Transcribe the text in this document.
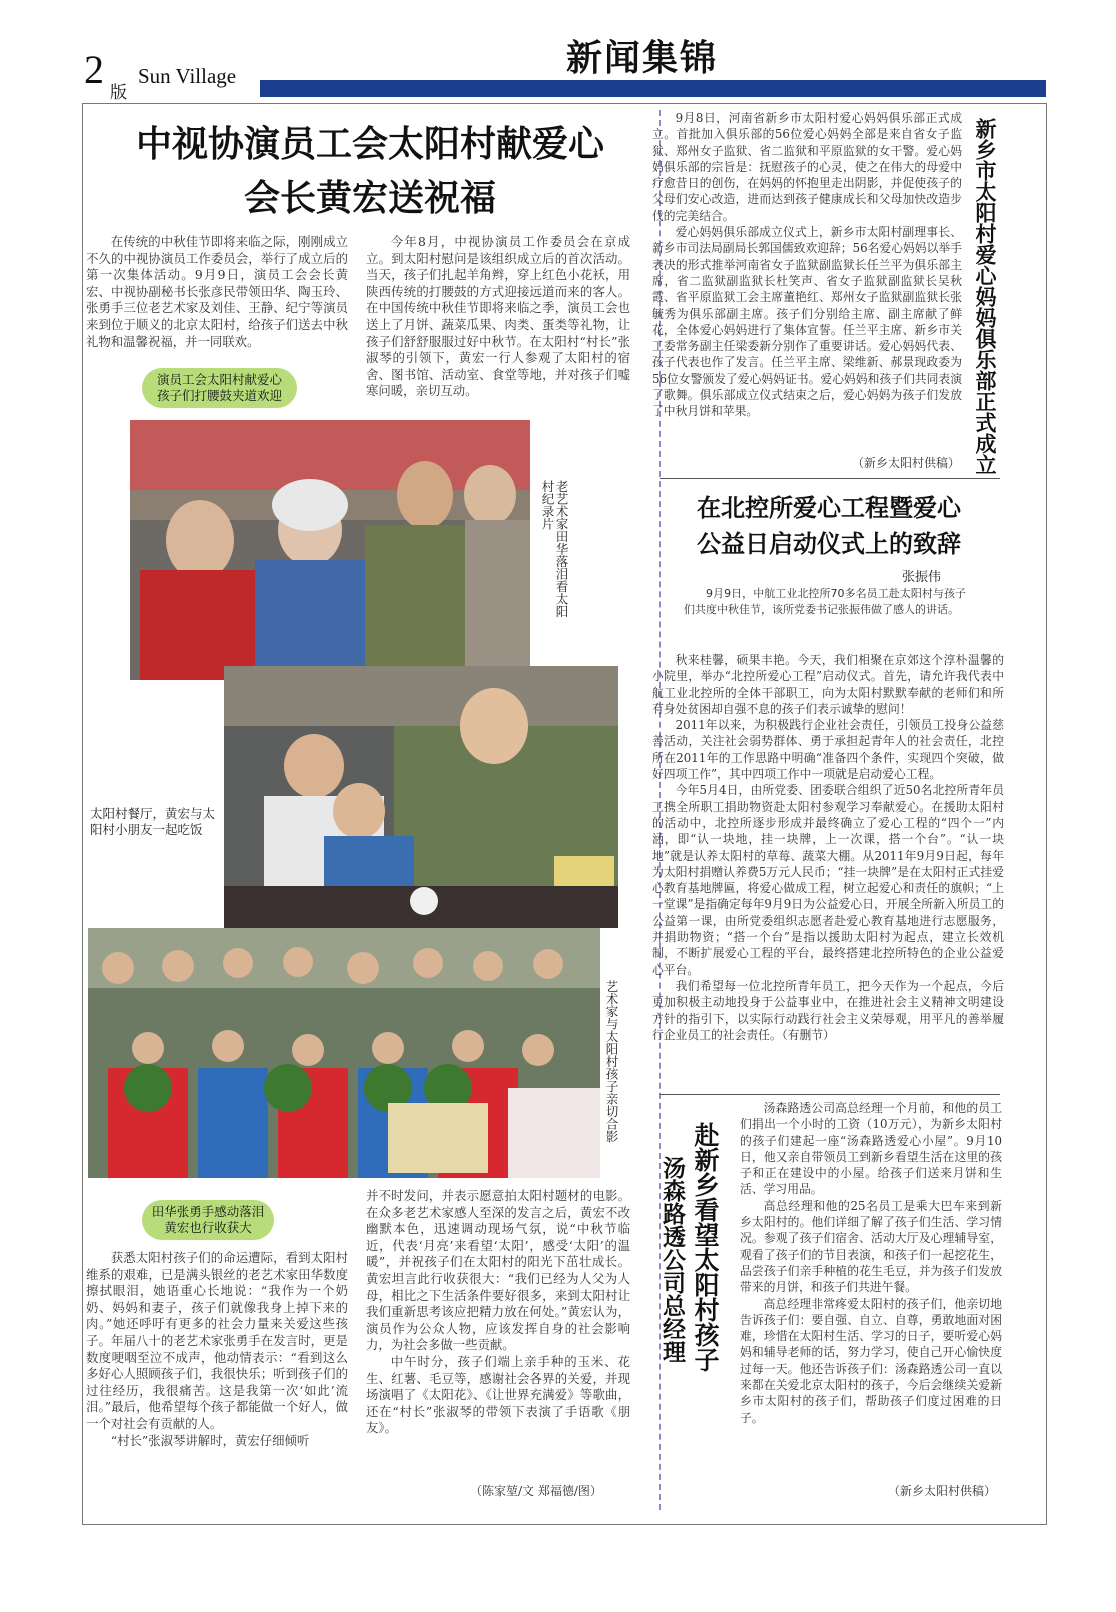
2
版
Sun Village	新闻集锦
中视协演员工会太阳村献爱心
会长黄宏送祝福

在传统的中秋佳节即将来临之际，刚刚成立不久的中视协演员工作委员会，举行了成立后的第一次集体活动。9月9日，演员工会会长黄宏、中视协副秘书长张彦民带领田华、陶玉玲、张勇手三位老艺术家及刘佳、王静、纪宁等演员来到位于顺义的北京太阳村，给孩子们送去中秋礼物和温馨祝福，并一同联欢。

今年8月，中视协演员工作委员会在京成立。到太阳村慰问是该组织成立后的首次活动。当天，孩子们扎起羊角辫，穿上红色小花袄，用陕西传统的打腰鼓的方式迎接远道而来的客人。在中国传统中秋佳节即将来临之季，演员工会也送上了月饼、蔬菜瓜果、肉类、蛋类等礼物，让孩子们舒舒服服过好中秋节。在太阳村“村长”张淑琴的引领下，黄宏一行人参观了太阳村的宿舍、图书馆、活动室、食堂等地，并对孩子们嘘寒问暖，亲切互动。

演员工会太阳村献爱心
孩子们打腰鼓夹道欢迎
老艺术家田华落泪看太阳村纪录片
太阳村餐厅，黄宏与太阳村小朋友一起吃饭
艺术家与太阳村孩子亲切合影
田华张勇手感动落泪
黄宏也行收获大

获悉太阳村孩子们的命运遭际，看到太阳村维系的艰难，已是满头银丝的老艺术家田华数度擦拭眼泪，她语重心长地说：“我作为一个奶奶、妈妈和妻子，孩子们就像我身上掉下来的肉。”她还呼吁有更多的社会力量来关爱这些孩子。年届八十的老艺术家张勇手在发言时，更是数度哽咽至泣不成声，他动情表示：“看到这么多好心人照顾孩子们，我很快乐；听到孩子们的过往经历，我很痛苦。这是我第一次‘如此’流泪。”最后，他希望每个孩子都能做一个好人，做一个对社会有贡献的人。

“村长”张淑琴讲解时，黄宏仔细倾听

并不时发问，并表示愿意拍太阳村题材的电影。在众多老艺术家感人至深的发言之后，黄宏不改幽默本色，迅速调动现场气氛，说“中秋节临近，代表‘月亮’来看望‘太阳’，感受‘太阳’的温暖”，并祝孩子们在太阳村的阳光下茁壮成长。黄宏坦言此行收获很大：“我们已经为人父为人母，相比之下生活条件要好很多，来到太阳村让我们重新思考该应把精力放在何处。”黄宏认为，演员作为公众人物，应该发挥自身的社会影响力，为社会多做一些贡献。

中午时分，孩子们端上亲手种的玉米、花生、红薯、毛豆等，感谢社会各界的关爱，并现场演唱了《太阳花》、《让世界充满爱》等歌曲，还在“村长”张淑琴的带领下表演了手语歌《朋友》。

（陈家堃/文 郑福德/图）

9月8日，河南省新乡市太阳村爱心妈妈俱乐部正式成立。首批加入俱乐部的56位爱心妈妈全部是来自省女子监狱、郑州女子监狱、省二监狱和平原监狱的女干警。爱心妈妈俱乐部的宗旨是：抚慰孩子的心灵，使之在伟大的母爱中疗愈昔日的创伤，在妈妈的怀抱里走出阴影，并促使孩子的父母们安心改造，进而达到孩子健康成长和父母加快改造步伐的完美结合。

爱心妈妈俱乐部成立仪式上，新乡市太阳村副理事长、新乡市司法局副局长郭国儒致欢迎辞；56名爱心妈妈以举手表决的形式推举河南省女子监狱副监狱长任兰平为俱乐部主席，省二监狱副监狱长杜笑声、省女子监狱副监狱长吴秋霞、省平原监狱工会主席董艳红、郑州女子监狱副监狱长张毓秀为俱乐部副主席。孩子们分别给主席、副主席献了鲜花，全体爱心妈妈进行了集体宣誓。任兰平主席、新乡市关工委常务副主任梁委新分别作了重要讲话。爱心妈妈代表、孩子代表也作了发言。任兰平主席、梁维新、郝景现政委为56位女警颁发了爱心妈妈证书。爱心妈妈和孩子们共同表演了歌舞。俱乐部成立仪式结束之后，爱心妈妈为孩子们发放了中秋月饼和苹果。

（新乡太阳村供稿） 新乡市太阳村爱心妈妈俱乐部正式成立
在北控所爱心工程暨爱心
公益日启动仪式上的致辞
张振伟

9月9日，中航工业北控所70多名员工赴太阳村与孩子们共度中秋佳节，该所党委书记张振伟做了感人的讲话。

秋来桂馨，硕果丰艳。今天，我们相聚在京郊这个淳朴温馨的小院里，举办“北控所爱心工程”启动仪式。首先，请允许我代表中航工业北控所的全体干部职工，向为太阳村默默奉献的老师们和所有身处贫困却自强不息的孩子们表示诚挚的慰问！

2011年以来，为积极践行企业社会责任，引领员工投身公益慈善活动，关注社会弱势群体、勇于承担起青年人的社会责任，北控所在2011年的工作思路中明确“准备四个条件，实现四个突破，做好四项工作”，其中四项工作中一项就是启动爱心工程。

今年5月4日，由所党委、团委联合组织了近50名北控所青年员工携全所职工捐助物资赴太阳村参观学习奉献爱心。在援助太阳村的活动中，北控所逐步形成并最终确立了爱心工程的“四个一”内涵，即“认一块地，挂一块牌，上一次课，搭一个台”。“认一块地”就是认养太阳村的草莓、蔬菜大棚。从2011年9月9日起，每年为太阳村捐赠认养费5万元人民币；“挂一块牌”是在太阳村正式挂爱心教育基地牌匾，将爱心做成工程，树立起爱心和责任的旗帜；“上一堂课”是指确定每年9月9日为公益爱心日，开展全所新入所员工的公益第一课，由所党委组织志愿者赴爱心教育基地进行志愿服务，并捐助物资；“搭一个台”是指以援助太阳村为起点，建立长效机制，不断扩展爱心工程的平台，最终搭建北控所特色的企业公益爱心平台。

我们希望每一位北控所青年员工，把今天作为一个起点，今后更加积极主动地投身于公益事业中，在推进社会主义精神文明建设方针的指引下，以实际行动践行社会主义荣辱观，用平凡的善举履行企业员工的社会责任。（有删节）

赴新乡看望太阳村孩子
汤森路透公司总经理

汤森路透公司高总经理一个月前，和他的员工们捐出一个小时的工资（10万元），为新乡太阳村的孩子们建起一座“汤森路透爱心小屋”。9月10日，他又亲自带领员工到新乡看望生活在这里的孩子和正在建设中的小屋。给孩子们送来月饼和生活、学习用品。

高总经理和他的25名员工是乘大巴车来到新乡太阳村的。他们详细了解了孩子们生活、学习情况。参观了孩子们宿舍、活动大厅及心理辅导室，观看了孩子们的节目表演，和孩子们一起挖花生，品尝孩子们亲手种植的花生毛豆，并为孩子们发放带来的月饼，和孩子们共进午餐。

高总经理非常疼爱太阳村的孩子们，他亲切地告诉孩子们：要自强、自立、自尊，勇敢地面对困难，珍惜在太阳村生活、学习的日子，要听爱心妈妈和辅导老师的话，努力学习，使自己开心愉快度过每一天。他还告诉孩子们：汤森路透公司一直以来都在关爱北京太阳村的孩子，今后会继续关爱新乡市太阳村的孩子们，帮助孩子们度过困难的日子。

（新乡太阳村供稿）
